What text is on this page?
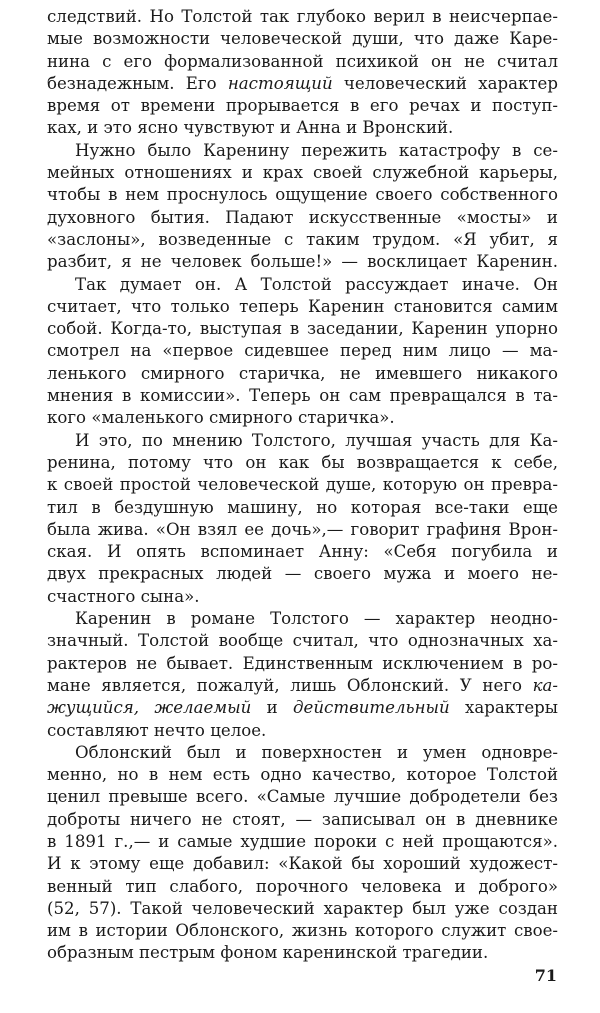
следствий. Но Толстой так глубоко верил в неисчерпае-
мые возможности человеческой души, что даже Каре-
нина с его формализованной психикой он не считал
безнадежным. Его настоящий человеческий характер
время от времени прорывается в его речах и поступ-
ках, и это ясно чувствуют и Анна и Вронский.
Нужно было Каренину пережить катастрофу в се-
мейных отношениях и крах своей служебной карьеры,
чтобы в нем проснулось ощущение своего собственного
духовного бытия. Падают искусственные «мосты» и
«заслоны», возведенные с таким трудом. «Я убит, я
разбит, я не человек больше!» — восклицает Каренин.
Так думает он. А Толстой рассуждает иначе. Он
считает, что только теперь Каренин становится самим
собой. Когда-то, выступая в заседании, Каренин упорно
смотрел на «первое сидевшее перед ним лицо — ма-
ленького смирного старичка, не имевшего никакого
мнения в комиссии». Теперь он сам превращался в та-
кого «маленького смирного старичка».
И это, по мнению Толстого, лучшая участь для Ка-
ренина, потому что он как бы возвращается к себе,
к своей простой человеческой душе, которую он превра-
тил в бездушную машину, но которая все-таки еще
была жива. «Он взял ее дочь»,— говорит графиня Врон-
ская. И опять вспоминает Анну: «Себя погубила и
двух прекрасных людей — своего мужа и моего не-
счастного сына».
Каренин в романе Толстого — характер неодно-
значный. Толстой вообще считал, что однозначных ха-
рактеров не бывает. Единственным исключением в ро-
мане является, пожалуй, лишь Облонский. У него ка-
жущийся, желаемый и действительный характеры
составляют нечто целое.
Облонский был и поверхностен и умен одновре-
менно, но в нем есть одно качество, которое Толстой
ценил превыше всего. «Самые лучшие добродетели без
доброты ничего не стоят, — записывал он в дневнике
в 1891 г.,— и самые худшие пороки с ней прощаются».
И к этому еще добавил: «Какой бы хороший художест-
венный тип слабого, порочного человека и доброго»
(52, 57). Такой человеческий характер был уже создан
им в истории Облонского, жизнь которого служит свое-
образным пестрым фоном каренинской трагедии.
71
